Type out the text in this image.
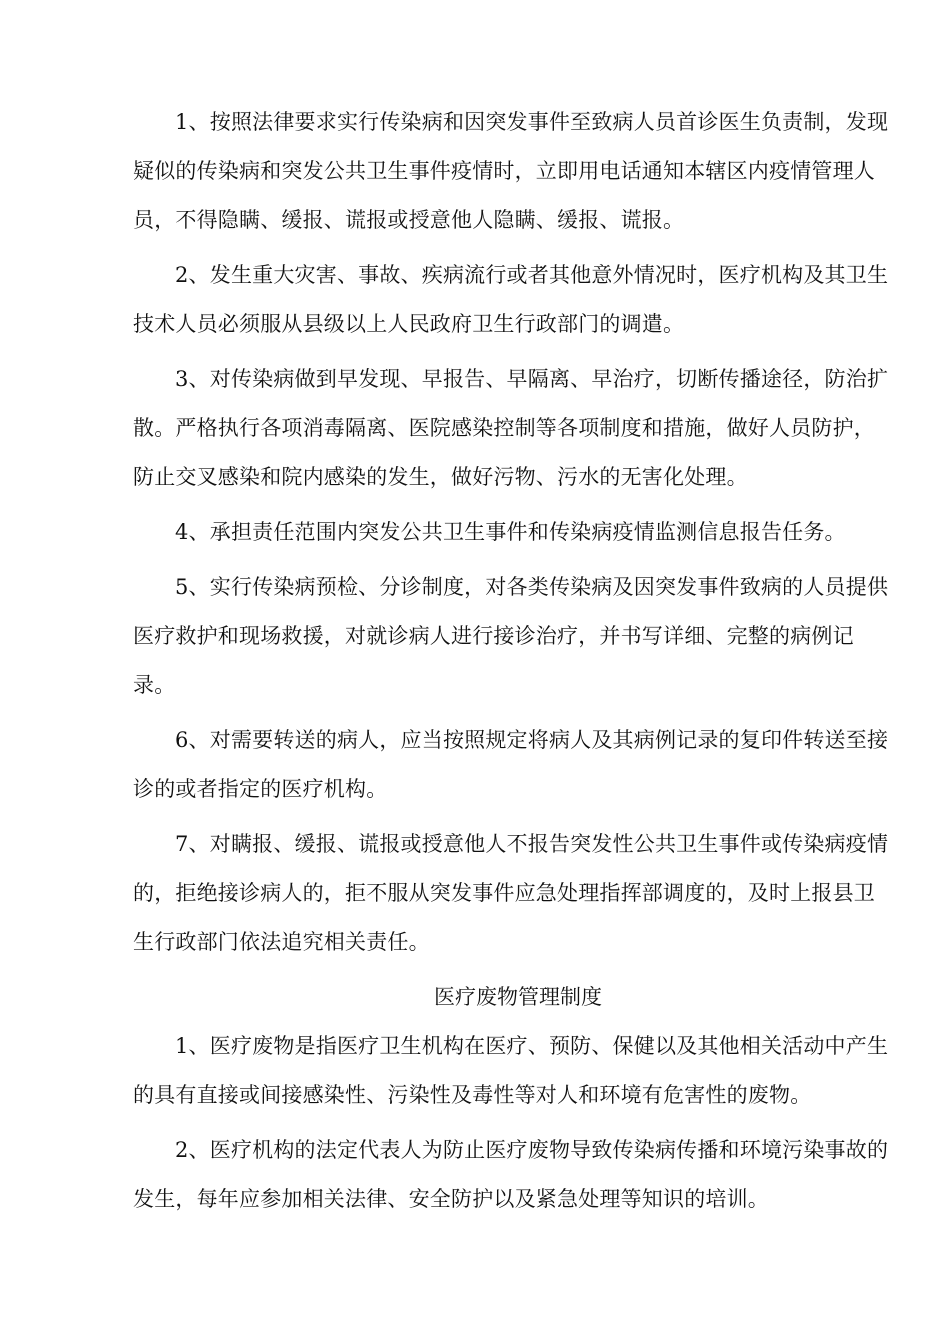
1、按照法律要求实行传染病和因突发事件至致病人员首诊医生负责制，发现疑似的传染病和突发公共卫生事件疫情时，立即用电话通知本辖区内疫情管理人员，不得隐瞒、缓报、谎报或授意他人隐瞒、缓报、谎报。

2、发生重大灾害、事故、疾病流行或者其他意外情况时，医疗机构及其卫生技术人员必须服从县级以上人民政府卫生行政部门的调遣。

3、对传染病做到早发现、早报告、早隔离、早治疗，切断传播途径，防治扩散。严格执行各项消毒隔离、医院感染控制等各项制度和措施，做好人员防护，防止交叉感染和院内感染的发生，做好污物、污水的无害化处理。

4、承担责任范围内突发公共卫生事件和传染病疫情监测信息报告任务。

5、实行传染病预检、分诊制度，对各类传染病及因突发事件致病的人员提供医疗救护和现场救援，对就诊病人进行接诊治疗，并书写详细、完整的病例记录。

6、对需要转送的病人，应当按照规定将病人及其病例记录的复印件转送至接诊的或者指定的医疗机构。

7、对瞒报、缓报、谎报或授意他人不报告突发性公共卫生事件或传染病疫情的，拒绝接诊病人的，拒不服从突发事件应急处理指挥部调度的，及时上报县卫生行政部门依法追究相关责任。

医疗废物管理制度

1、医疗废物是指医疗卫生机构在医疗、预防、保健以及其他相关活动中产生的具有直接或间接感染性、污染性及毒性等对人和环境有危害性的废物。

2、医疗机构的法定代表人为防止医疗废物导致传染病传播和环境污染事故的发生，每年应参加相关法律、安全防护以及紧急处理等知识的培训。
